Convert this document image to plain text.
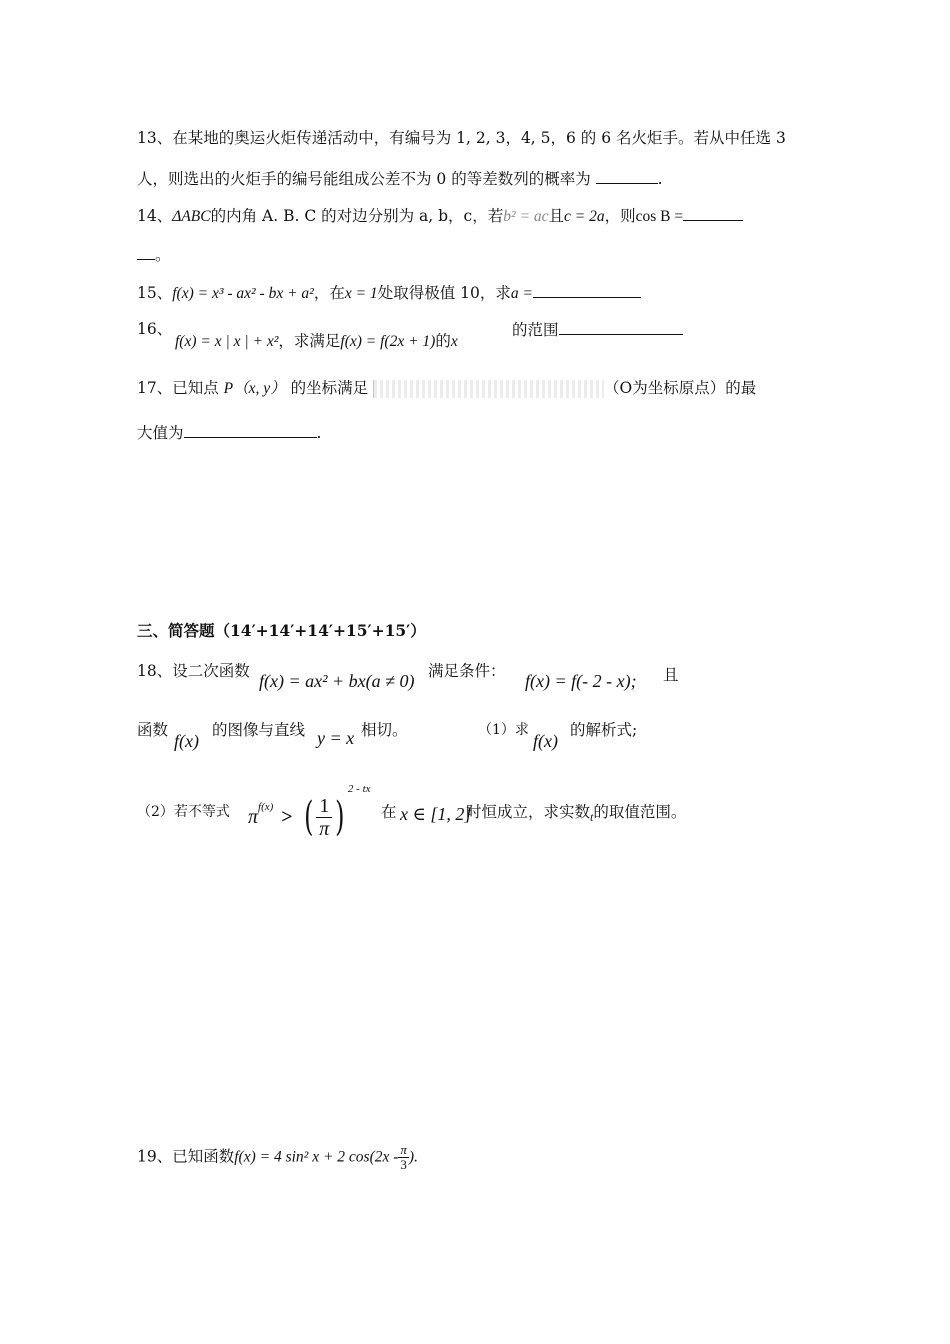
13、在某地的奥运火炬传递活动中，有编号为 1, 2, 3，4, 5，6 的 6 名火炬手。若从中任选 3
人，则选出的火炬手的编号能组成公差不为 0 的等差数列的概率为	.
14、ΔABC的内角 A. B. C 的对边分别为 a, b，c，若b² = ac且c = 2a，则cos B =
。
15、f(x) = x³ - ax² - bx + a²，在x = 1处取得极值 10，求a =
16、
f(x) = x | x | + x²，求满足f(x) = f(2x + 1)的x
的范围
17、已知点 P（x, y） 的坐标满足	（O为坐标原点）的最
大值为	.
三、简答题（14′+14′+14′+15′+15′）
18、设二次函数 f(x) = ax² + bx(a ≠ 0) 满足条件： f(x) = f(- 2 - x); 且
函数
f(x)
的图像与直线 y = x 相切。	（1）求
f(x)
的解析式;
（2）若不等式 π f(x) > ( $\frac{1}{\pi}$ )
2 - tx
在 x ∈ [1, 2]
时恒成立，求实数$_t$的取值范围。
19、已知函数f(x) = 4 sin² x + 2 $\cos(2x - \frac{\pi}{3}$ ).
